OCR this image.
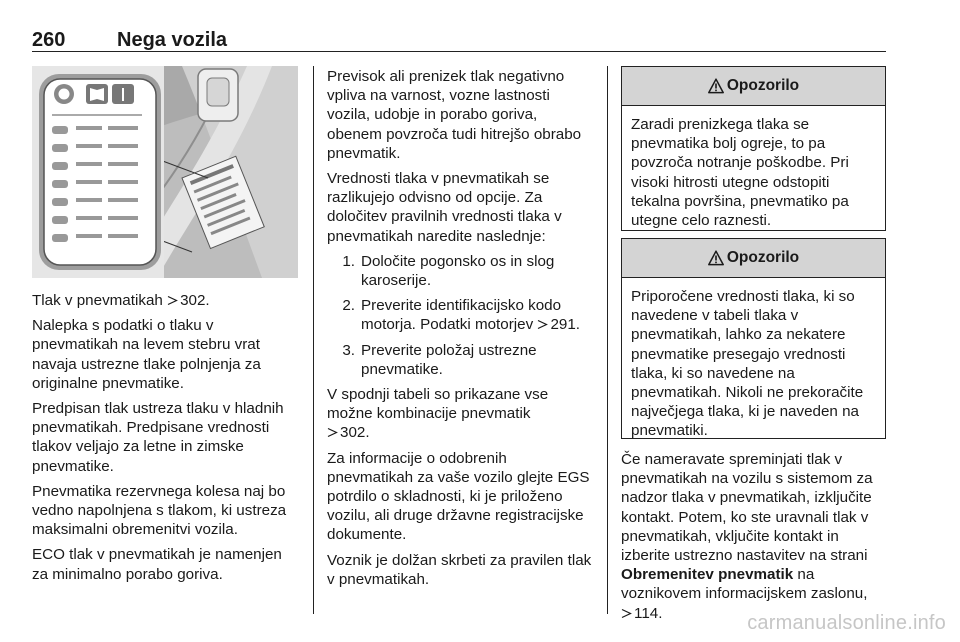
260	Nega vozila

Tlak v pnevmatikah 302.

Nalepka s podatki o tlaku v pnevmatikah na levem stebru vrat navaja ustrezne tlake polnjenja za originalne pnevmatike.

Predpisan tlak ustreza tlaku v hladnih pnevmatikah. Predpisane vrednosti tlakov veljajo za letne in zimske pnevmatike.

Pnevmatika rezervnega kolesa naj bo vedno napolnjena s tlakom, ki ustreza maksimalni obremenitvi vozila.

ECO tlak v pnevmatikah je namenjen za minimalno porabo goriva.

Previsok ali prenizek tlak negativno vpliva na varnost, vozne lastnosti vozila, udobje in porabo goriva, obenem povzroča tudi hitrejšo obrabo pnevmatik.

Vrednosti tlaka v pnevmatikah se razlikujejo odvisno od opcije. Za določitev pravilnih vrednosti tlaka v pnevmatikah naredite naslednje:

1. Določite pogonsko os in slog karoserije.
2. Preverite identifikacijsko kodo motorja. Podatki motorjev 291.
3. Preverite položaj ustrezne pnevmatike.

V spodnji tabeli so prikazane vse možne kombinacije pnevmatik
302.

Za informacije o odobrenih pnevmatikah za vaše vozilo glejte EGS potrdilo o skladnosti, ki je priloženo vozilu, ali druge državne registracijske dokumente.

Voznik je dolžan skrbeti za pravilen tlak v pnevmatikah.

Opozorilo
Zaradi prenizkega tlaka se pnevmatika bolj ogreje, to pa povzroča notranje poškodbe. Pri visoki hitrosti utegne odstopiti tekalna površina, pnevmatiko pa utegne celo raznesti.
Opozorilo
Priporočene vrednosti tlaka, ki so navedene v tabeli tlaka v pnevmatikah, lahko za nekatere pnevmatike presegajo vrednosti tlaka, ki so navedene na pnevmatikah. Nikoli ne prekoračite največjega tlaka, ki je naveden na pnevmatiki.

Če nameravate spreminjati tlak v pnevmatikah na vozilu s sistemom za nadzor tlaka v pnevmatikah, izključite kontakt. Potem, ko ste uravnali tlak v pnevmatikah, vključite kontakt in izberite ustrezno nastavitev na strani Obremenitev pnevmatik na voznikovem informacijskem zaslonu,
114.	carmanualsonline.info
